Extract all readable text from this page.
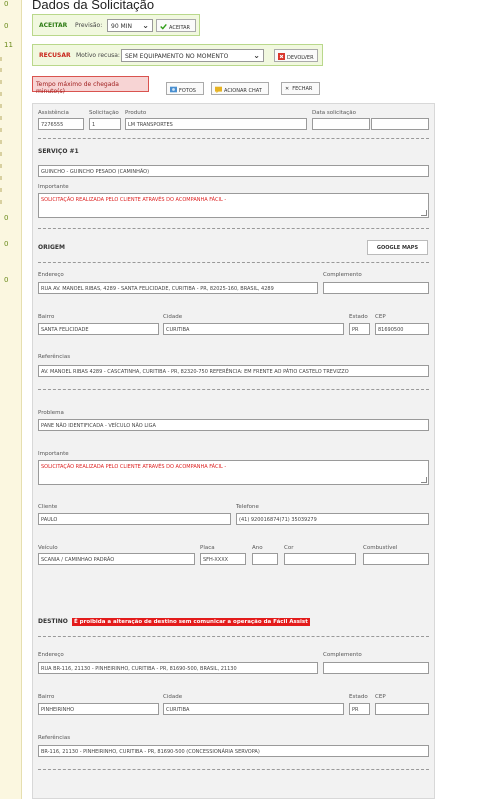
0
0
11
0
0
0
Dados da Solicitação
ACEITAR Previsão:	90 MIN ⌄	ACEITAR
RECUSAR Motivo recusa: SEM EQUIPAMENTO NO MOMENTO	⌄	DEVOLVER
Tempo máximo de chegada minuto(s)	FOTOS	ACIONAR CHAT	✕ FECHAR
Assistência
7276555
Solicitação
1
Produto
LM TRANSPORTES
Data solicitação
SERVIÇO #1
GUINCHO - GUINCHO PESADO (CAMINHÃO)
Importante
SOLICITAÇÃO REALIZADA PELO CLIENTE ATRAVÉS DO ACOMPANHA FÁCIL -
ORIGEM	GOOGLE MAPS
Endereço
RUA AV. MANOEL RIBAS, 4289 - SANTA FELICIDADE, CURITIBA - PR, 82025-160, BRASIL, 4289
Complemento
Bairro
SANTA FELICIDADE
Cidade
CURITIBA
Estado
PR
CEP
81690500
Referências
AV. MANOEL RIBAS 4289 - CASCATINHA, CURITIBA - PR, 82320-750 REFERÊNCIA: EM FRENTE AO PÁTIO CASTELO TREVIZZO
Problema
PANE NÃO IDENTIFICADA - VEÍCULO NÃO LIGA
Importante
SOLICITAÇÃO REALIZADA PELO CLIENTE ATRAVÉS DO ACOMPANHA FÁCIL -
Cliente
PAULO
Telefone
(41) 920016874(71) 35039279
Veículo
SCANIA / CAMINHAO PADRÃO
Placa
SFH-XXXX
Ano	Cor	Combustível
DESTINO	É proibida a alteração de destino sem comunicar a operação da Fácil Assist
Endereço
RUA BR-116, 21130 - PINHEIRINHO, CURITIBA - PR, 81690-500, BRASIL, 21130
Complemento
Bairro
PINHEIRINHO
Cidade
CURITIBA
Estado
PR
CEP
Referências
BR-116, 21130 - PINHEIRINHO, CURITIBA - PR, 81690-500 (CONCESSIONÁRIA SERVOPA)
